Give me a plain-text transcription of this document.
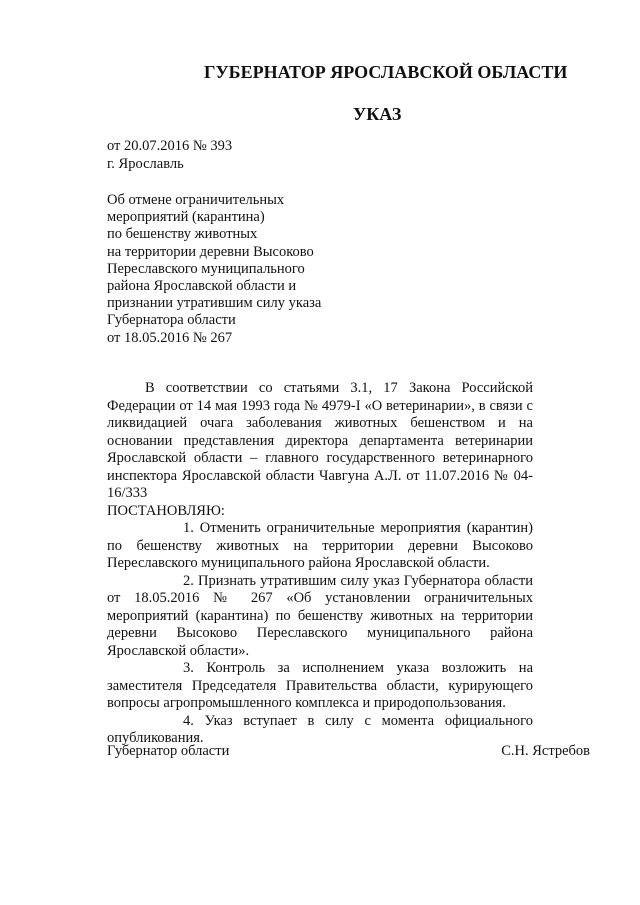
ГУБЕРНАТОР ЯРОСЛАВСКОЙ ОБЛАСТИ
УКАЗ
от 20.07.2016 № 393
г. Ярославль
Об отмене ограничительных
мероприятий (карантина)
по бешенству животных
на территории деревни Высоково
Переславского муниципального
района Ярославской области и
признании утратившим силу указа
Губернатора области
от 18.05.2016 № 267

В соответствии со статьями 3.1, 17 Закона Российской Федерации от 14 мая 1993 года № 4979-I «О ветеринарии», в связи с ликвидацией очага заболевания животных бешенством и на основании представления директора департамента ветеринарии Ярославской области – главного государственного ветеринарного инспектора Ярославской области Чавгуна А.Л. от 11.07.2016 № 04-16/333

ПОСТАНОВЛЯЮ:

1. Отменить ограничительные мероприятия (карантин) по бешенству животных на территории деревни Высоково Переславского муниципального района Ярославской области.

2. Признать утратившим силу указ Губернатора области от 18.05.2016 № 267 «Об установлении ограничительных мероприятий (карантина) по бешенству животных на территории деревни Высоково Переславского муниципального района Ярославской области».

3. Контроль за исполнением указа возложить на заместителя Председателя Правительства области, курирующего вопросы агропромышленного комплекса и природопользования.

4. Указ вступает в силу с момента официального опубликования.

Губернатор области	С.Н. Ястребов
